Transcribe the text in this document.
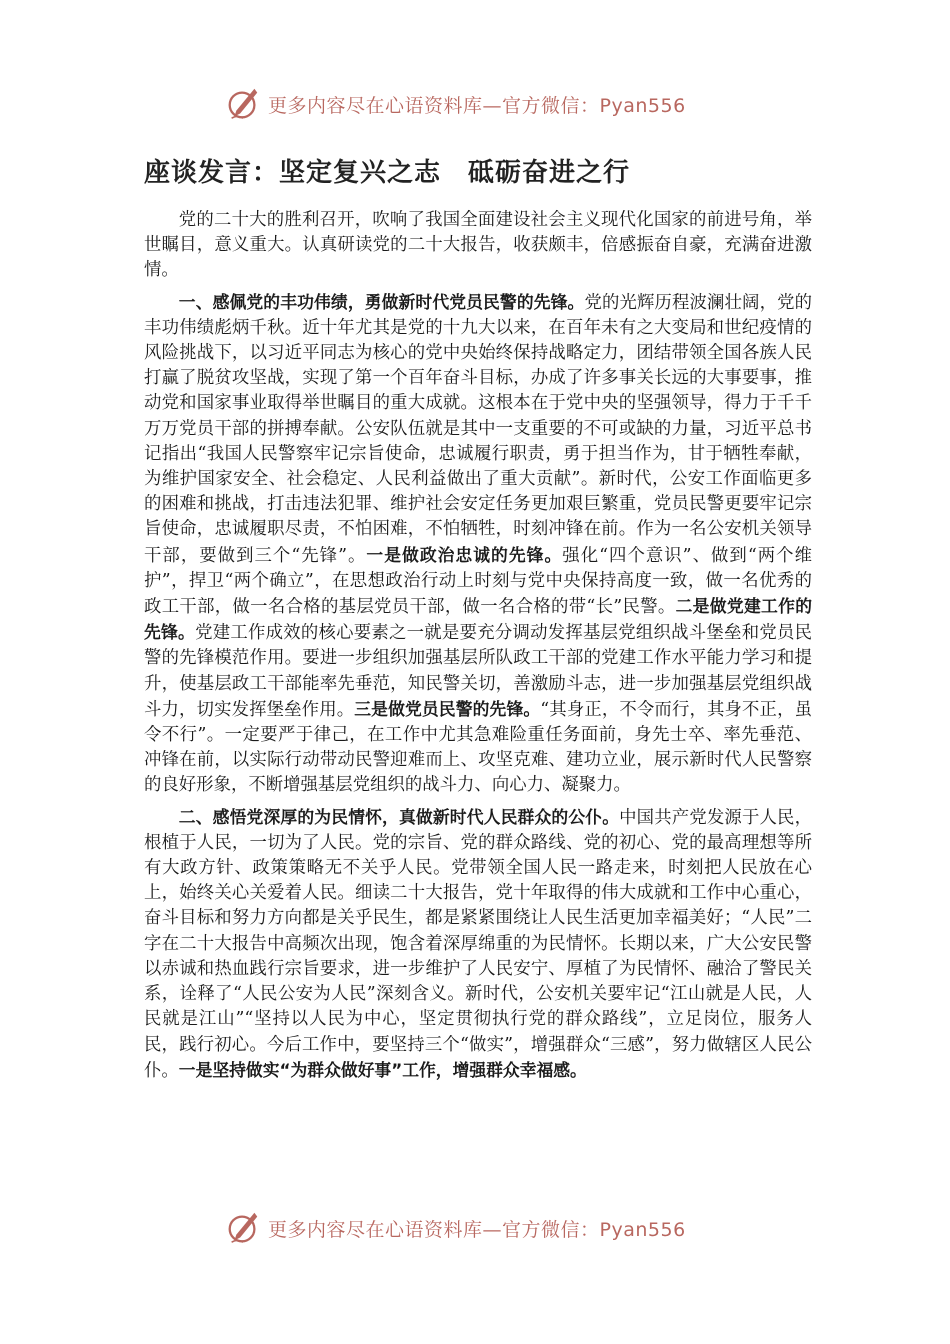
更多内容尽在心语资料库—官方微信：Pyan556
座谈发言：坚定复兴之志　砥砺奋进之行

党的二十大的胜利召开，吹响了我国全面建设社会主义现代化国家的前进号角，举世瞩目，意义重大。认真研读党的二十大报告，收获颇丰，倍感振奋自豪，充满奋进激情。

一、感佩党的丰功伟绩，勇做新时代党员民警的先锋。党的光辉历程波澜壮阔，党的丰功伟绩彪炳千秋。近十年尤其是党的十九大以来，在百年未有之大变局和世纪疫情的风险挑战下，以习近平同志为核心的党中央始终保持战略定力，团结带领全国各族人民打赢了脱贫攻坚战，实现了第一个百年奋斗目标，办成了许多事关长远的大事要事，推动党和国家事业取得举世瞩目的重大成就。这根本在于党中央的坚强领导，得力于千千万万党员干部的拼搏奉献。公安队伍就是其中一支重要的不可或缺的力量，习近平总书记指出“我国人民警察牢记宗旨使命，忠诚履行职责，勇于担当作为，甘于牺牲奉献，为维护国家安全、社会稳定、人民利益做出了重大贡献”。新时代，公安工作面临更多的困难和挑战，打击违法犯罪、维护社会安定任务更加艰巨繁重，党员民警更要牢记宗旨使命，忠诚履职尽责，不怕困难，不怕牺牲，时刻冲锋在前。作为一名公安机关领导干部，要做到三个“先锋”。一是做政治忠诚的先锋。强化“四个意识”、做到“两个维护”，捍卫“两个确立”，在思想政治行动上时刻与党中央保持高度一致，做一名优秀的政工干部，做一名合格的基层党员干部，做一名合格的带“长”民警。二是做党建工作的先锋。党建工作成效的核心要素之一就是要充分调动发挥基层党组织战斗堡垒和党员民警的先锋模范作用。要进一步组织加强基层所队政工干部的党建工作水平能力学习和提升，使基层政工干部能率先垂范，知民警关切，善激励斗志，进一步加强基层党组织战斗力，切实发挥堡垒作用。三是做党员民警的先锋。“其身正，不令而行，其身不正，虽令不行”。一定要严于律己，在工作中尤其急难险重任务面前，身先士卒、率先垂范、冲锋在前，以实际行动带动民警迎难而上、攻坚克难、建功立业，展示新时代人民警察的良好形象，不断增强基层党组织的战斗力、向心力、凝聚力。

二、感悟党深厚的为民情怀，真做新时代人民群众的公仆。中国共产党发源于人民，根植于人民，一切为了人民。党的宗旨、党的群众路线、党的初心、党的最高理想等所有大政方针、政策策略无不关乎人民。党带领全国人民一路走来，时刻把人民放在心上，始终关心关爱着人民。细读二十大报告，党十年取得的伟大成就和工作中心重心，奋斗目标和努力方向都是关乎民生，都是紧紧围绕让人民生活更加幸福美好；“人民”二字在二十大报告中高频次出现，饱含着深厚绵重的为民情怀。长期以来，广大公安民警以赤诚和热血践行宗旨要求，进一步维护了人民安宁、厚植了为民情怀、融洽了警民关系，诠释了“人民公安为人民”深刻含义。新时代，公安机关要牢记“江山就是人民，人民就是江山”“坚持以人民为中心，坚定贯彻执行党的群众路线”，立足岗位，服务人民，践行初心。今后工作中，要坚持三个“做实”，增强群众“三感”，努力做辖区人民公仆。一是坚持做实“为群众做好事”工作，增强群众幸福感。

更多内容尽在心语资料库—官方微信：Pyan556
